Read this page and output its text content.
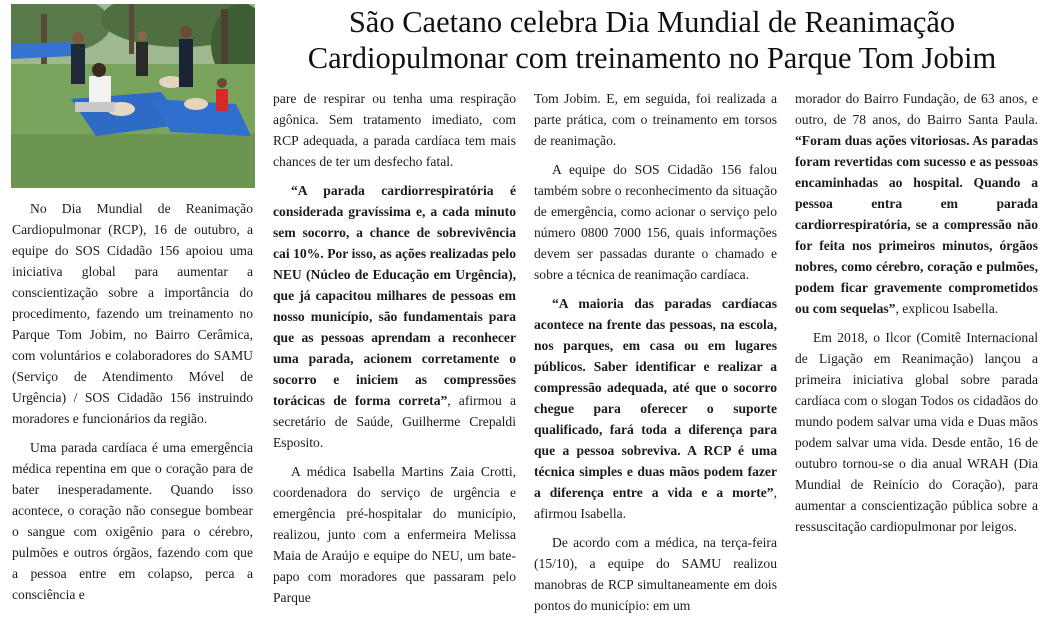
São Caetano celebra Dia Mundial de Reanimação
Cardiopulmonar com treinamento no Parque Tom Jobim

No Dia Mundial de Reanimação Cardiopulmonar (RCP), 16 de outubro, a equipe do SOS Cidadão 156 apoiou uma iniciativa global para aumentar a conscientização sobre a importância do procedimento, fazendo um treinamento no Parque Tom Jobim, no Bairro Cerâmica, com voluntários e colaboradores do SAMU (Serviço de Atendimento Móvel de Urgência) / SOS Cidadão 156 instruindo moradores e funcionários da região.

Uma parada cardíaca é uma emergência médica repentina em que o coração para de bater inesperadamente. Quando isso acontece, o coração não consegue bombear o sangue com oxigênio para o cérebro, pulmões e outros órgãos, fazendo com que a pessoa entre em colapso, perca a consciência e

pare de respirar ou tenha uma respiração agônica. Sem tratamento imediato, com RCP adequada, a parada cardíaca tem mais chances de ter um desfecho fatal.

“A parada cardiorrespiratória é considerada gravíssima e, a cada minuto sem socorro, a chance de sobrevivência cai 10%. Por isso, as ações realizadas pelo NEU (Núcleo de Educação em Urgência), que já capacitou milhares de pessoas em nosso município, são fundamentais para que as pessoas aprendam a reconhecer uma parada, acionem corretamente o socorro e iniciem as compressões torácicas de forma correta”, afirmou a secretário de Saúde, Guilherme Crepaldi Esposito.

A médica Isabella Martins Zaia Crotti, coordenadora do serviço de urgência e emergência pré-hospitalar do município, realizou, junto com a enfermeira Melissa Maia de Araújo e equipe do NEU, um bate-papo com moradores que passaram pelo Parque

Tom Jobim. E, em seguida, foi realizada a parte prática, com o treinamento em torsos de reanimação.

A equipe do SOS Cidadão 156 falou também sobre o reconhecimento da situação de emergência, como acionar o serviço pelo número 0800 7000 156, quais informações devem ser passadas durante o chamado e sobre a técnica de reanimação cardíaca.

“A maioria das paradas cardíacas acontece na frente das pessoas, na escola, nos parques, em casa ou em lugares públicos. Saber identificar e realizar a compressão adequada, até que o socorro chegue para oferecer o suporte qualificado, fará toda a diferença para que a pessoa sobreviva. A RCP é uma técnica simples e duas mãos podem fazer a diferença entre a vida e a morte”, afirmou Isabella.

De acordo com a médica, na terça-feira (15/10), a equipe do SAMU realizou manobras de RCP simultaneamente em dois pontos do município: em um

morador do Bairro Fundação, de 63 anos, e outro, de 78 anos, do Bairro Santa Paula. “Foram duas ações vitoriosas. As paradas foram revertidas com sucesso e as pessoas encaminhadas ao hospital. Quando a pessoa entra em parada cardiorrespiratória, se a compressão não for feita nos primeiros minutos, órgãos nobres, como cérebro, coração e pulmões, podem ficar gravemente comprometidos ou com sequelas”, explicou Isabella.

Em 2018, o Ilcor (Comitê Internacional de Ligação em Reanimação) lançou a primeira iniciativa global sobre parada cardíaca com o slogan Todos os cidadãos do mundo podem salvar uma vida e Duas mãos podem salvar uma vida. Desde então, 16 de outubro tornou-se o dia anual WRAH (Dia Mundial de Reinício do Coração), para aumentar a conscientização pública sobre a ressuscitação cardiopulmonar por leigos.
